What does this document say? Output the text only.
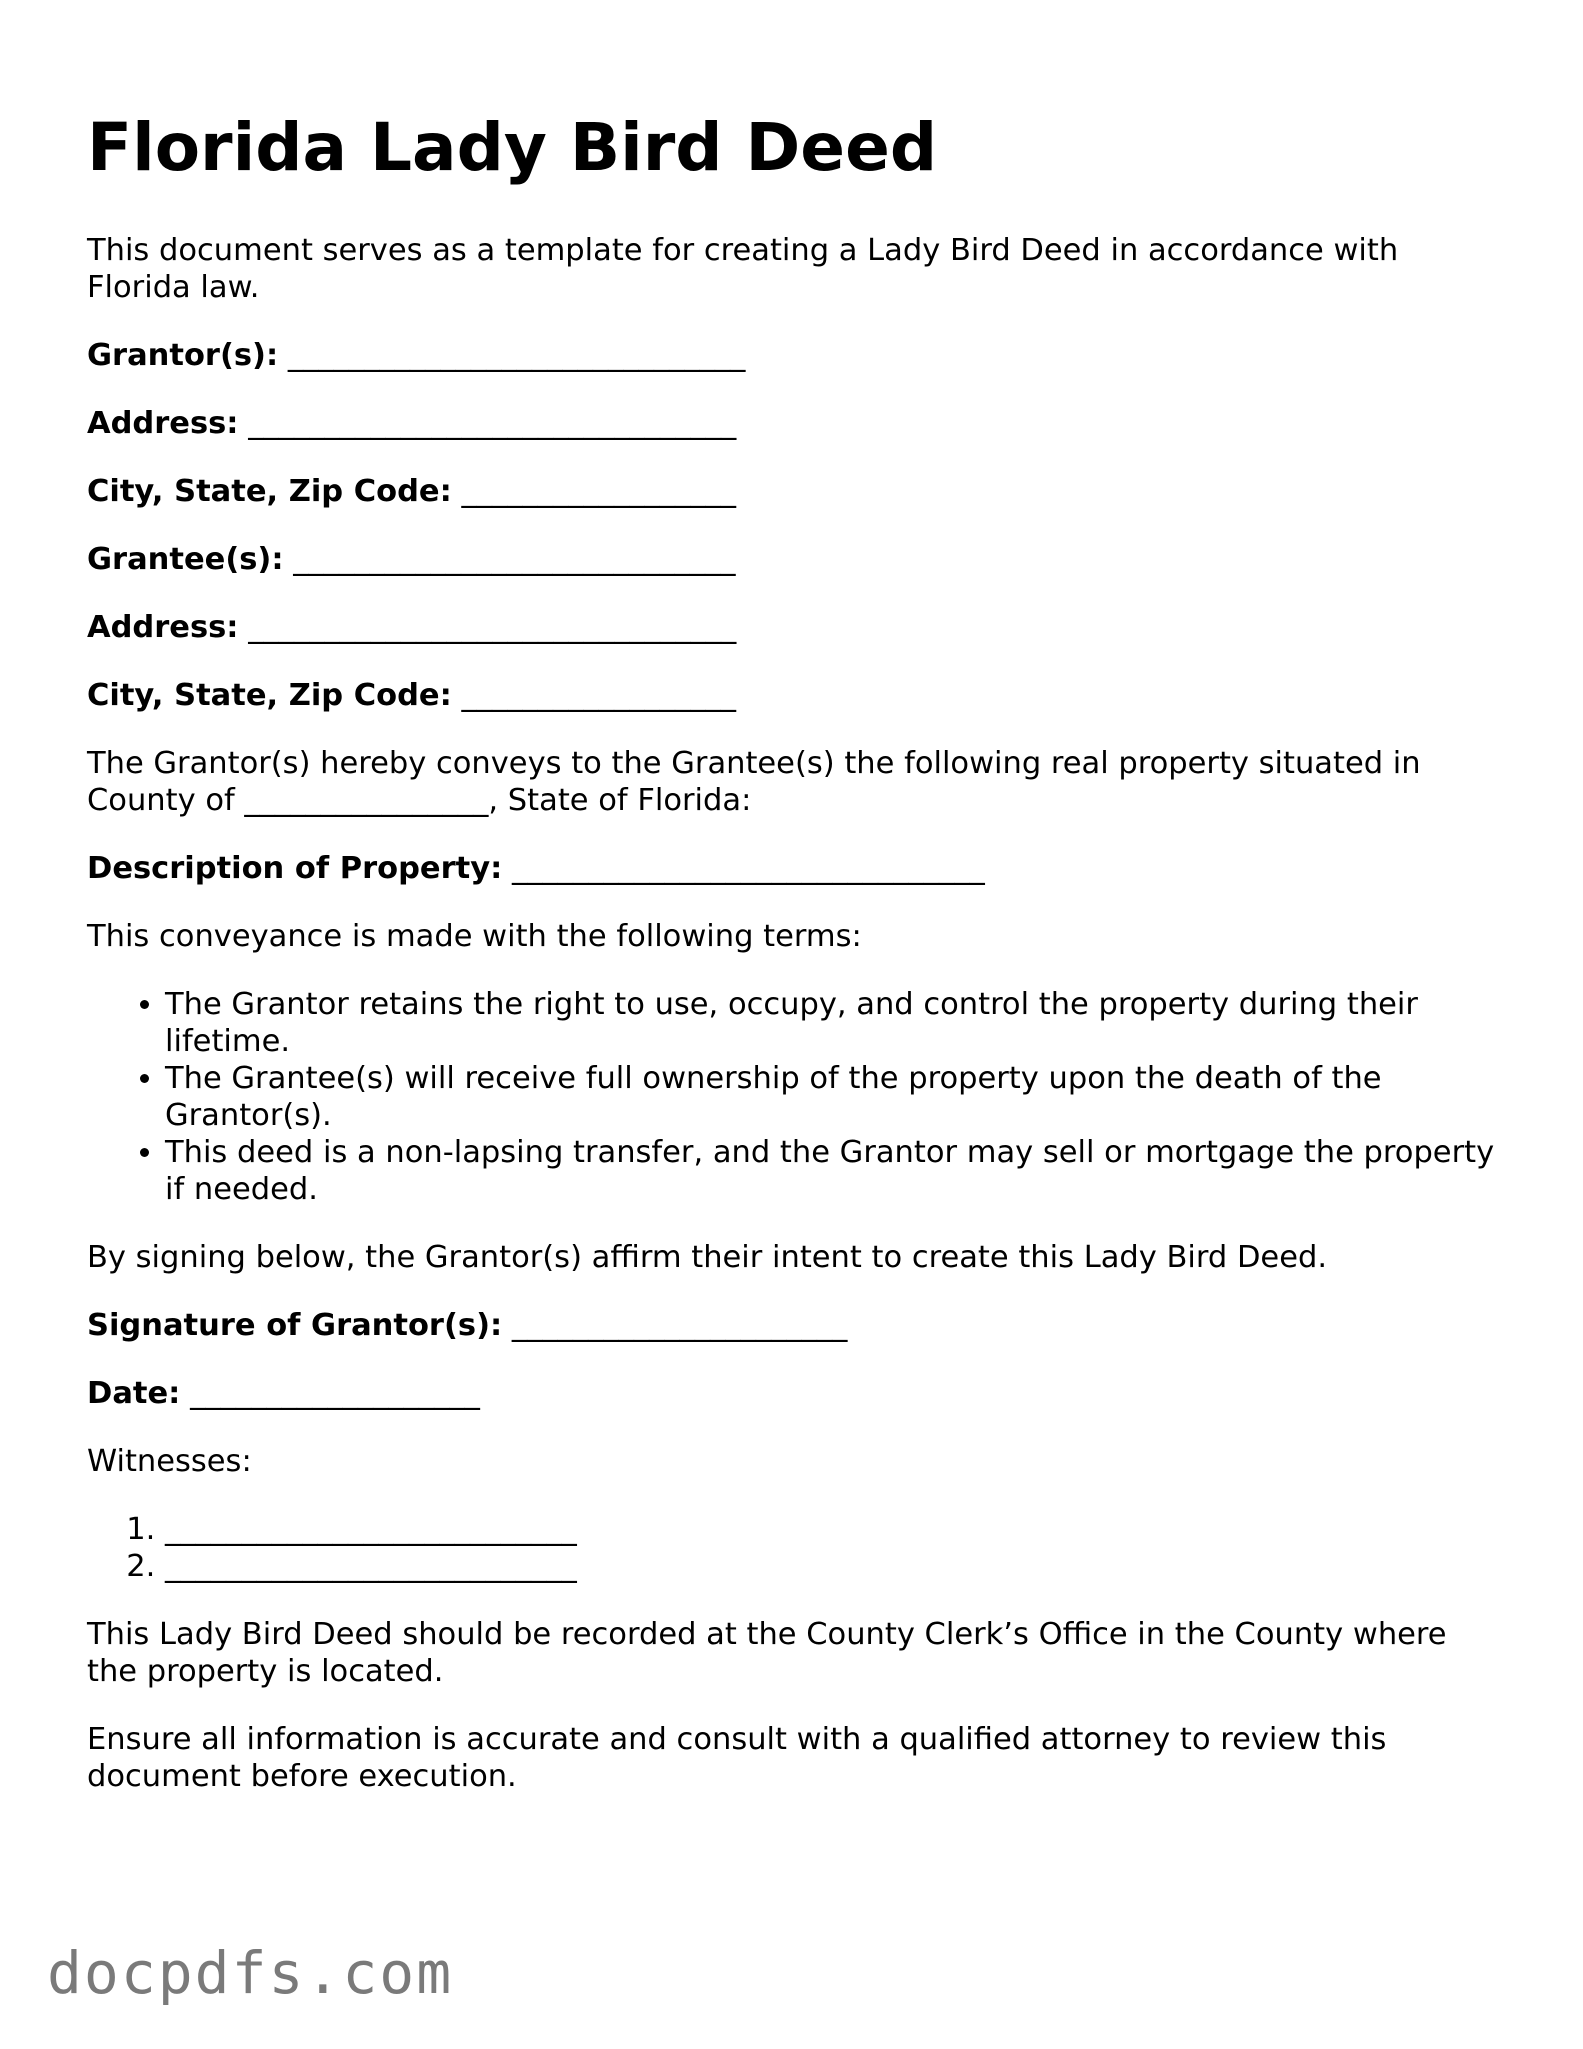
Florida Lady Bird Deed

This document serves as a template for creating a Lady Bird Deed in accordance with Florida law.

Grantor(s): ______________________________
Address: ________________________________
City, State, Zip Code: __________________
Grantee(s): _____________________________
Address: ________________________________
City, State, Zip Code: __________________

The Grantor(s) hereby conveys to the Grantee(s) the following real property situated in County of ________________, State of Florida:

Description of Property: _______________________________

This conveyance is made with the following terms:

• The Grantor retains the right to use, occupy, and control the property during their lifetime.
• The Grantee(s) will receive full ownership of the property upon the death of the Grantor(s).
• This deed is a non-lapsing transfer, and the Grantor may sell or mortgage the property if needed.

By signing below, the Grantor(s) affirm their intent to create this Lady Bird Deed.

Signature of Grantor(s): ______________________
Date: ___________________

Witnesses:

1. ___________________________
2. ___________________________

This Lady Bird Deed should be recorded at the County Clerk’s Office in the County where the property is located.

Ensure all information is accurate and consult with a qualified attorney to review this document before execution.

docpdfs.com
